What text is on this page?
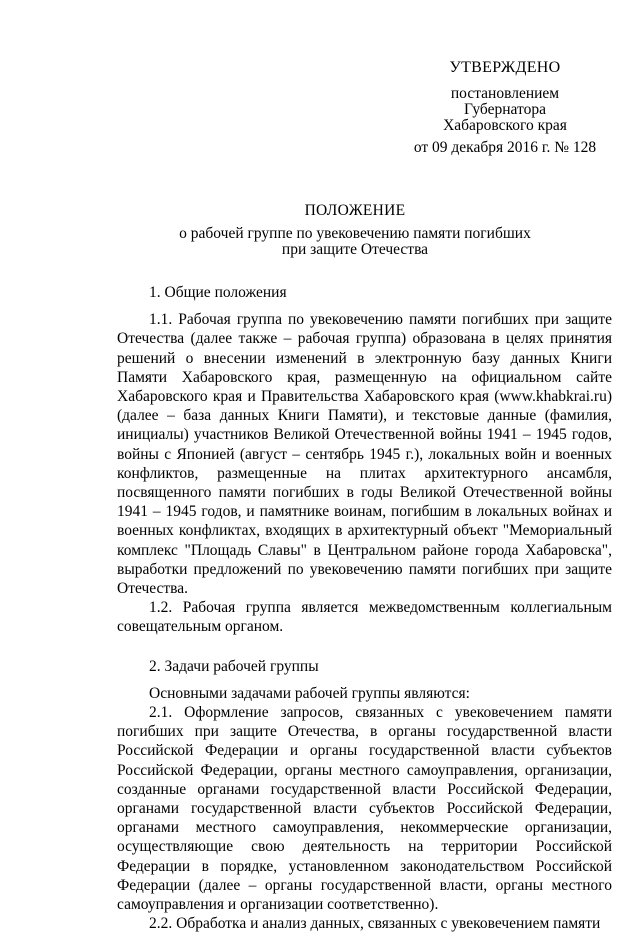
УТВЕРЖДЕНО
постановлением
Губернатора
Хабаровского края
от 09 декабря 2016 г. № 128
ПОЛОЖЕНИЕ
о рабочей группе по увековечению памяти погибших
при защите Отечества

1. Общие положения

1.1. Рабочая группа по увековечению памяти погибших при защите Отечества (далее также – рабочая группа) образована в целях принятия решений о внесении изменений в электронную базу данных Книги Памяти Хабаровского края, размещенную на официальном сайте Хабаровского края и Правительства Хабаровского края (www.khabkrai.ru) (далее – база данных Книги Памяти), и текстовые данные (фамилия, инициалы) участников Великой Отечественной войны 1941 – 1945 годов, войны с Японией (август – сентябрь 1945 г.), локальных войн и военных конфликтов, размещенные на плитах архитектурного ансамбля, посвященного памяти погибших в годы Великой Отечественной войны 1941 – 1945 годов, и памятнике воинам, погибшим в локальных войнах и военных конфликтах, входящих в архитектурный объект "Мемориальный комплекс "Площадь Славы" в Центральном районе города Хабаровска", выработки предложений по увековечению памяти погибших при защите Отечества.

1.2. Рабочая группа является межведомственным коллегиальным совещательным органом.

2. Задачи рабочей группы

Основными задачами рабочей группы являются:

2.1. Оформление запросов, связанных с увековечением памяти погибших при защите Отечества, в органы государственной власти Российской Федерации и органы государственной власти субъектов Российской Федерации, органы местного самоуправления, организации, созданные органами государственной власти Российской Федерации, органами государственной власти субъектов Российской Федерации, органами местного самоуправления, некоммерческие организации, осуществляющие свою деятельность на территории Российской Федерации в порядке, установленном законодательством Российской Федерации (далее – органы государственной власти, органы местного самоуправления и организации соответственно).

2.2. Обработка и анализ данных, связанных с увековечением памяти
